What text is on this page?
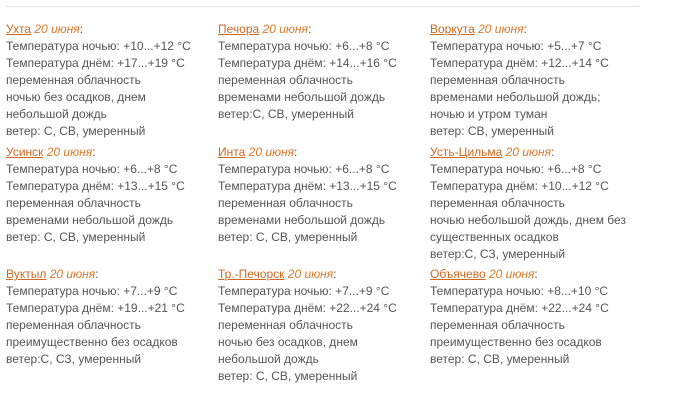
Ухта 20 июня:
Температура ночью: +10...+12 °C
Температура днём: +17...+19 °C
переменная облачность
ночью без осадков, днем небольшой дождь
ветер: С, СВ, умеренный
Печора 20 июня:
Температура ночью: +6...+8 °C
Температура днём: +14...+16 °C
переменная облачность
временами небольшой дождь
ветер:С, СВ, умеренный
Воркута 20 июня:
Температура ночью: +5...+7 °C
Температура днём: +12...+14 °C
переменная облачность
временами небольшой дождь; ночью и утром туман
ветер: СВ, умеренный
Усинск 20 июня:
Температура ночью: +6...+8 °C
Температура днём: +13...+15 °C
переменная облачность
временами небольшой дождь
ветер: С, СВ, умеренный
Инта 20 июня:
Температура ночью: +6...+8 °C
Температура днём: +13...+15 °C
переменная облачность
временами небольшой дождь
ветер: С, СВ, умеренный
Усть-Цильма 20 июня:
Температура ночью: +6...+8 °C
Температура днём: +10...+12 °C
переменная облачность
ночью небольшой дождь, днем без существенных осадков
ветер:С, СЗ, умеренный
Вуктыл 20 июня:
Температура ночью: +7...+9 °C
Температура днём: +19...+21 °C
переменная облачность
преимущественно без осадков
ветер:С, СЗ, умеренный
Тр.-Печорск 20 июня:
Температура ночью: +7...+9 °C
Температура днём: +22...+24 °C
переменная облачность
ночью без осадков, днем небольшой дождь
ветер: С, СВ, умеренный
Объячево 20 июня:
Температура ночью: +8...+10 °C
Температура днём: +22...+24 °C
переменная облачность
преимущественно без осадков
ветер: С, СВ, умеренный
